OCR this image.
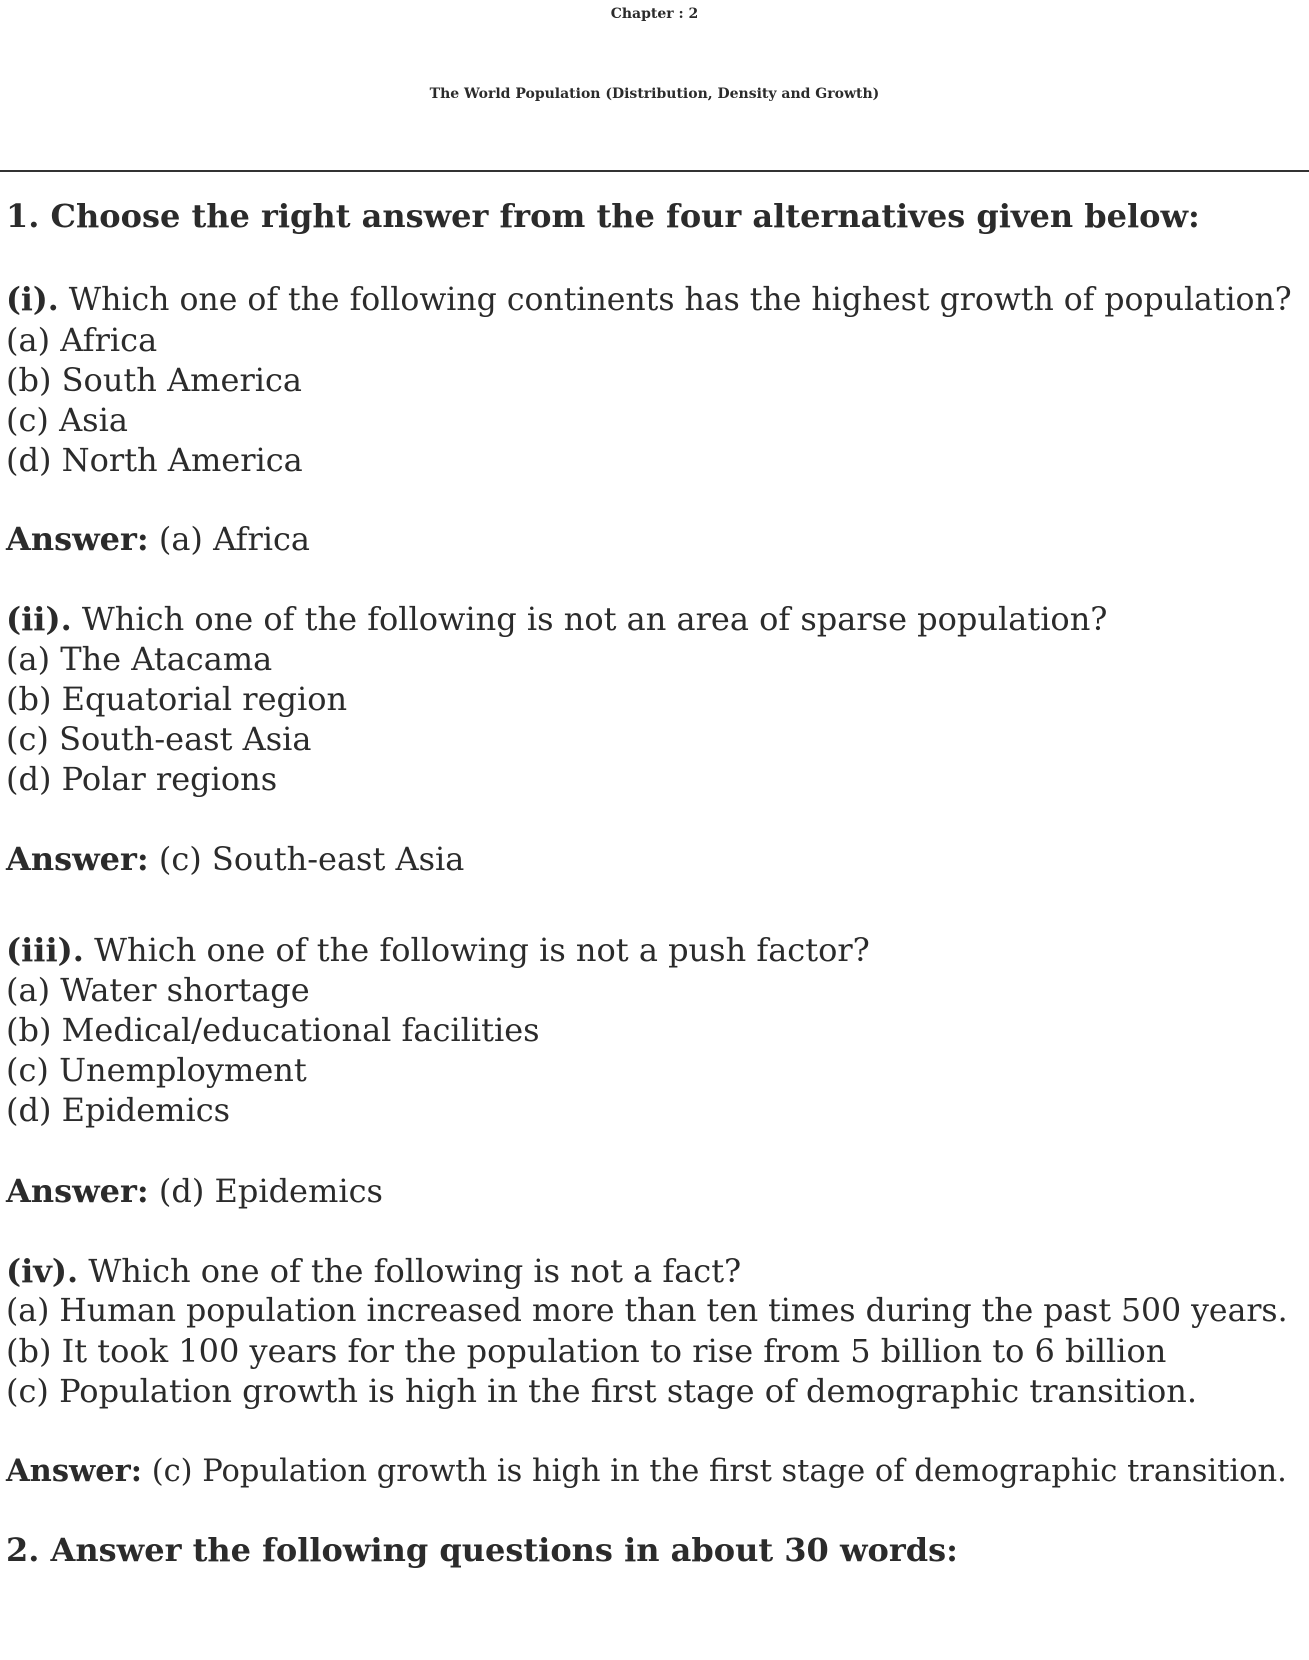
Chapter : 2
The World Population (Distribution, Density and Growth)
1. Choose the right answer from the four alternatives given below:
(i). Which one of the following continents has the highest growth of population?
(a) Africa
(b) South America
(c) Asia
(d) North America
Answer: (a) Africa
(ii). Which one of the following is not an area of sparse population?
(a) The Atacama
(b) Equatorial region
(c) South-east Asia
(d) Polar regions
Answer: (c) South-east Asia
(iii). Which one of the following is not a push factor?
(a) Water shortage
(b) Medical/educational facilities
(c) Unemployment
(d) Epidemics
Answer: (d) Epidemics
(iv). Which one of the following is not a fact?
(a) Human population increased more than ten times during the past 500 years.
(b) It took 100 years for the population to rise from 5 billion to 6 billion
(c) Population growth is high in the first stage of demographic transition.
Answer: (c) Population growth is high in the first stage of demographic transition.
2. Answer the following questions in about 30 words:
